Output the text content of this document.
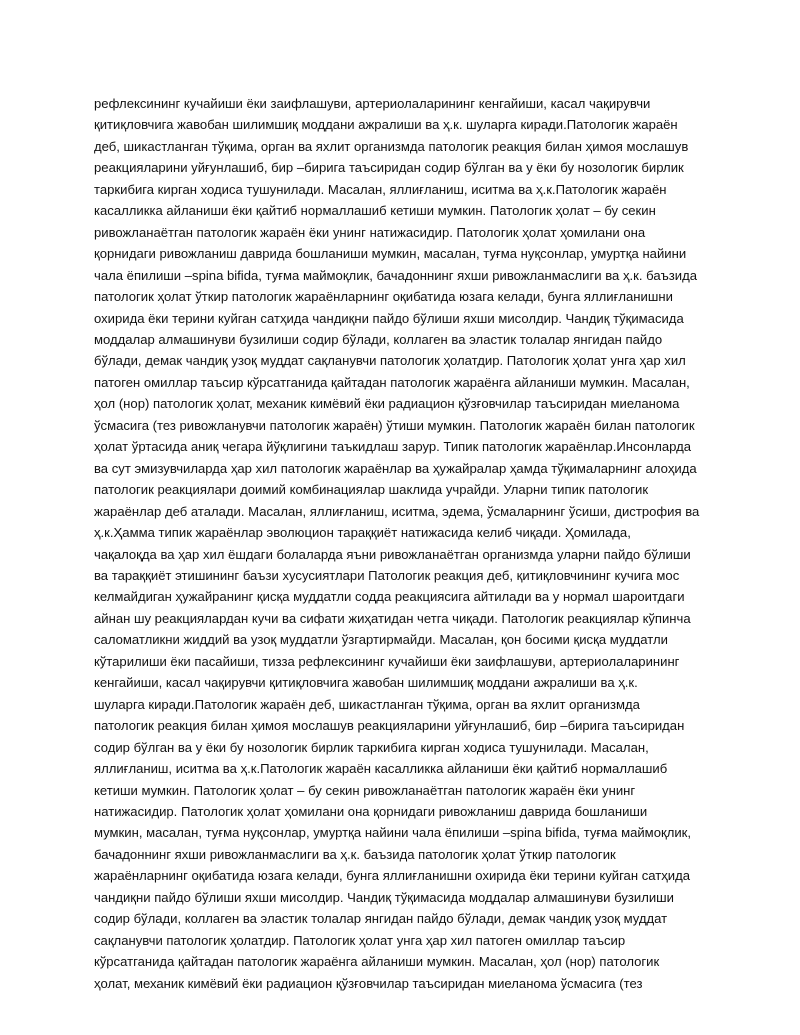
рефлексининг кучайиши ёки заифлашуви, артериолаларининг кенгайиши, касал чақирувчи
қитиқловчига жавобан шилимшиқ моддани ажралиши ва ҳ.к. шуларга киради.Патологик жараён
деб, шикастланган тўқима, орган ва яхлит организмда патологик реакция билан ҳимоя мослашув
реакцияларини уйғунлашиб, бир –бирига таъсиридан содир бўлган ва у ёки бу нозологик бирлик
таркибига кирган ходиса тушунилади. Масалан, яллиғланиш, иситма ва ҳ.к.Патологик жараён
касалликка айланиши ёки қайтиб нормаллашиб кетиши мумкин. Патологик ҳолат – бу секин
ривожланаётган патологик жараён ёки унинг натижасидир. Патологик ҳолат ҳомилани она
қорнидаги ривожланиш даврида бошланиши мумкин, масалан, туғма нуқсонлар, умуртқа найини
чала ёпилиши –spina bifida, туғма маймоқлик, бачадоннинг яхши ривожланмаслиги ва ҳ.к. баъзида
патологик ҳолат ўткир патологик жараёнларнинг оқибатида юзага келади, бунга яллиғланишни
охирида ёки терини куйган сатҳида чандиқни пайдо бўлиши яхши мисолдир. Чандиқ тўқимасида
моддалар алмашинуви бузилиши содир бўлади, коллаген ва эластик толалар янгидан пайдо
бўлади, демак чандиқ узоқ муддат сақланувчи патологик ҳолатдир. Патологик ҳолат унга ҳар хил
патоген омиллар таъсир кўрсатганида қайтадан патологик жараёнга айланиши мумкин. Масалан,
ҳол (нор) патологик ҳолат, механик кимёвий ёки радиацион қўзғовчилар таъсиридан миеланома
ўсмасига (тез ривожланувчи патологик жараён) ўтиши мумкин. Патологик жараён билан патологик
ҳолат ўртасида аниқ чегара йўқлигини таъкидлаш зарур. Типик патологик жараёнлар.Инсонларда
ва сут эмизувчиларда ҳар хил патологик жараёнлар ва ҳужайралар ҳамда тўқималарнинг алоҳида
патологик реакциялари доимий комбинациялар шаклида учрайди. Уларни типик патологик
жараёнлар деб аталади. Масалан, яллиғланиш, иситма, эдема, ўсмаларнинг ўсиши, дистрофия ва
ҳ.к.Ҳамма типик жараёнлар эволюцион тараққиёт натижасида келиб чиқади. Ҳомилада,
чақалоқда ва ҳар хил ёшдаги болаларда яъни ривожланаётган организмда уларни пайдо бўлиши
ва тараққиёт этишининг баъзи хусусиятлари Патологик реакция деб, қитиқловчининг кучига мос
келмайдиган ҳужайранинг қисқа муддатли содда реакциясига айтилади ва у нормал шароитдаги
айнан шу реакциялардан кучи ва сифати жиҳатидан четга чиқади. Патологик реакциялар кўпинча
саломатликни жиддий ва узоқ муддатли ўзгартирмайди. Масалан, қон босими қисқа муддатли
кўтарилиши ёки пасайиши, тизза рефлексининг кучайиши ёки заифлашуви, артериолаларининг
кенгайиши, касал чақирувчи қитиқловчига жавобан шилимшиқ моддани ажралиши ва ҳ.к.
шуларга киради.Патологик жараён деб, шикастланган тўқима, орган ва яхлит организмда
патологик реакция билан ҳимоя мослашув реакцияларини уйғунлашиб, бир –бирига таъсиридан
содир бўлган ва у ёки бу нозологик бирлик таркибига кирган ходиса тушунилади. Масалан,
яллиғланиш, иситма ва ҳ.к.Патологик жараён касалликка айланиши ёки қайтиб нормаллашиб
кетиши мумкин. Патологик ҳолат – бу секин ривожланаётган патологик жараён ёки унинг
натижасидир. Патологик ҳолат ҳомилани она қорнидаги ривожланиш даврида бошланиши
мумкин, масалан, туғма нуқсонлар, умуртқа найини чала ёпилиши –spina bifida, туғма маймоқлик,
бачадоннинг яхши ривожланмаслиги ва ҳ.к. баъзида патологик ҳолат ўткир патологик
жараёнларнинг оқибатида юзага келади, бунга яллиғланишни охирида ёки терини куйган сатҳида
чандиқни пайдо бўлиши яхши мисолдир. Чандиқ тўқимасида моддалар алмашинуви бузилиши
содир бўлади, коллаген ва эластик толалар янгидан пайдо бўлади, демак чандиқ узоқ муддат
сақланувчи патологик ҳолатдир. Патологик ҳолат унга ҳар хил патоген омиллар таъсир
кўрсатганида қайтадан патологик жараёнга айланиши мумкин. Масалан, ҳол (нор) патологик
ҳолат, механик кимёвий ёки радиацион қўзғовчилар таъсиридан миеланома ўсмасига (тез
